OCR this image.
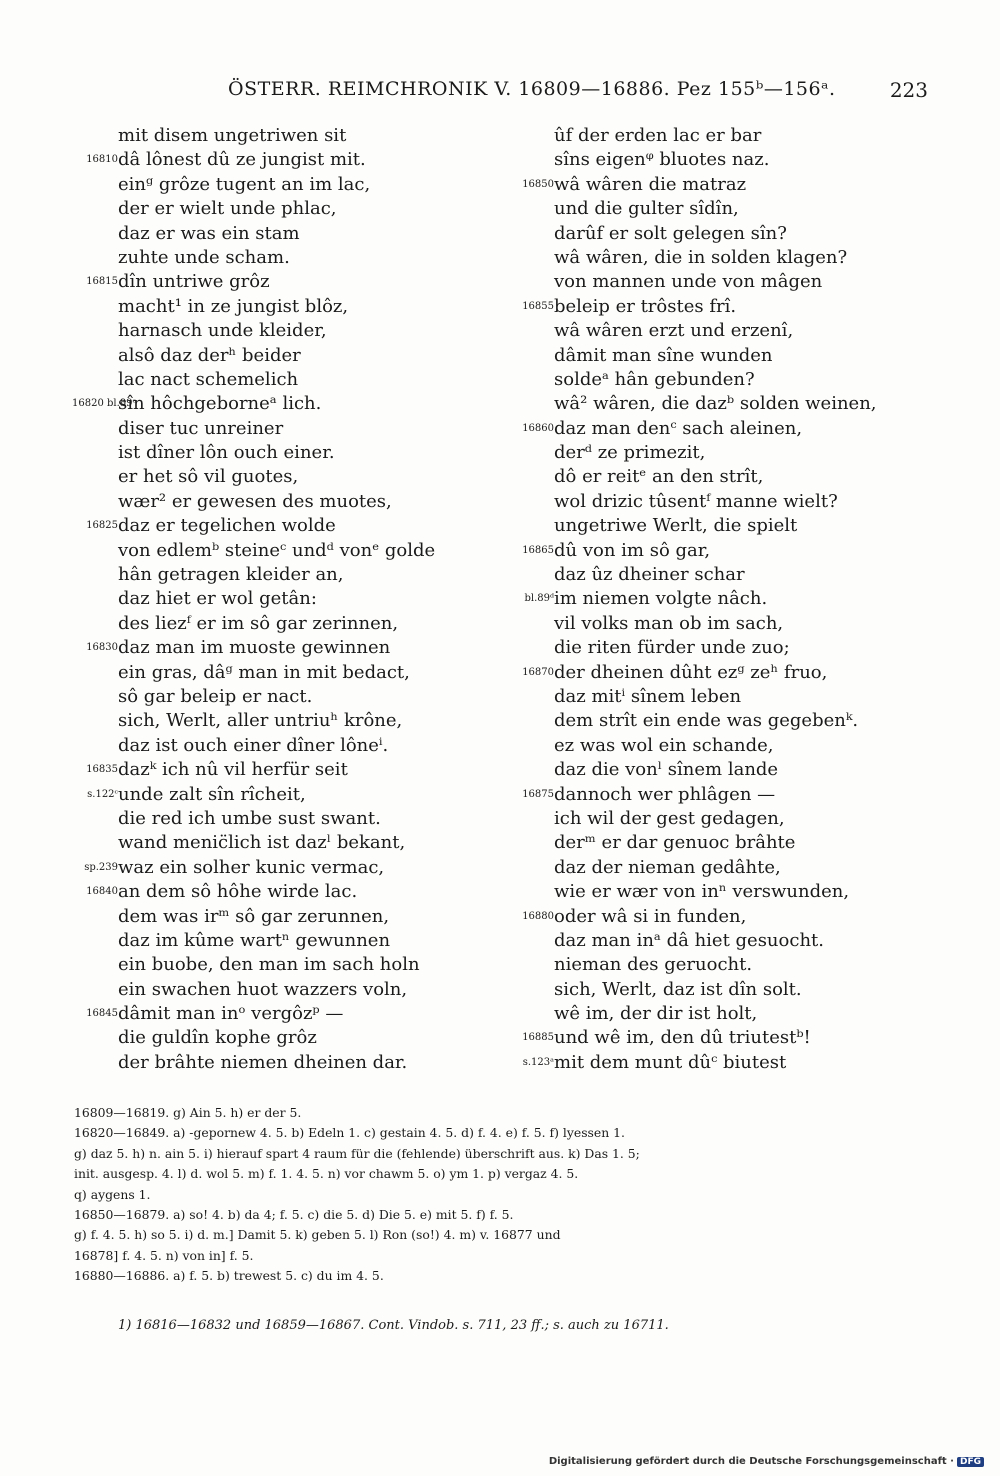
ÖSTERR. REIMCHRONIK V. 16809—16886. Pez 155ᵇ—156ᵃ.	223
mit disem ungetriwen sit
16810 dâ lônest dû ze jungist mit.
einᵍ grôze tugent an im lac,
der er wielt unde phlac,
daz er was ein stam
zuhte unde scham.
16815 dîn untriwe grôz
macht¹ in ze jungist blôz,
harnasch unde kleider,
alsô daz derʰ beider
lac nact schemelich
16820 bl.89ᶜ
sîn hôchgeborneᵃ lich.
diser tuc unreiner
ist dîner lôn ouch einer.
er het sô vil guotes,
wær² er gewesen des muotes,
16825 daz er tegelichen wolde
von edlemᵇ steineᶜ undᵈ vonᵉ golde
hân getragen kleider an,
daz hiet er wol getân:
des liezᶠ er im sô gar zerinnen,
16830 daz man im muoste gewinnen
ein gras, dâᵍ man in mit bedact,
sô gar beleip er nact.
sich, Werlt, aller untriuʰ krône,
daz ist ouch einer dîner lôneⁱ.
16835 dazᵏ ich nû vil herfür seit
s.122ᶜ unde zalt sîn rîcheit,
die red ich umbe sust swant.
wand menic̈lich ist dazˡ bekant,
sp.239 waz ein solher kunic vermac,
16840 an dem sô hôhe wirde lac.
dem was irᵐ sô gar zerunnen,
daz im kûme wartⁿ gewunnen
ein buobe, den man im sach holn
ein swachen huot wazzers voln,
16845 dâmit man inᵒ vergôzᵖ —
die guldîn kophe grôz
der brâhte niemen dheinen dar.
ûf der erden lac er bar
sîns eigenᵠ bluotes naz.
16850 wâ wâren die matraz
und die gulter sîdîn,
darûf er solt gelegen sîn?
wâ wâren, die in solden klagen?
von mannen unde von mâgen
16855 beleip er trôstes frî.
wâ wâren erzt und erzenî,
dâmit man sîne wunden
soldeᵃ hân gebunden?
wâ² wâren, die dazᵇ solden weinen,
16860 daz man denᶜ sach aleinen,
derᵈ ze primezit,
dô er reitᵉ an den strît,
wol drizic tûsentᶠ manne wielt?
ungetriwe Werlt, die spielt
16865 dû von im sô gar,
daz ûz dheiner schar
bl.89ᵈ im niemen volgte nâch.
vil volks man ob im sach,
die riten fürder unde zuo;
16870 der dheinen dûht ezᵍ zeʰ fruo,
daz mitⁱ sînem leben
dem strît ein ende was gegebenᵏ.
ez was wol ein schande,
daz die vonˡ sînem lande
16875 dannoch wer phlâgen —
ich wil der gest gedagen,
derᵐ er dar genuoc brâhte
daz der nieman gedâhte,
wie er wær von inⁿ verswunden,
16880 oder wâ si in funden,
daz man inᵃ dâ hiet gesuocht.
nieman des geruocht.
sich, Werlt, daz ist dîn solt.
wê im, der dir ist holt,
16885 und wê im, den dû triutestᵇ!
s.123ᵃ mit dem munt dûᶜ biutest
16809—16819. g) Ain 5. h) er der 5.
16820—16849. a) -gepornew 4. 5. b) Edeln 1. c) gestain 4. 5. d) f. 4. e) f. 5. f) lyessen 1.
g) daz 5. h) n. ain 5. i) hierauf spart 4 raum für die (fehlende) überschrift aus. k) Das 1. 5;
init. ausgesp. 4. l) d. wol 5. m) f. 1. 4. 5. n) vor chawm 5. o) ym 1. p) vergaz 4. 5.
q) aygens 1.
16850—16879. a) so! 4. b) da 4; f. 5. c) die 5. d) Die 5. e) mit 5. f) f. 5.
g) f. 4. 5. h) so 5. i) d. m.] Damit 5. k) geben 5. l) Ron (so!) 4. m) v. 16877 und
16878] f. 4. 5. n) von in] f. 5.
16880—16886. a) f. 5. b) trewest 5. c) du im 4. 5.
1) 16816—16832 und 16859—16867. Cont. Vindob. s. 711, 23 ff.; s. auch zu 16711.
Digitalisierung gefördert durch die Deutsche Forschungsgemeinschaft · DFG
